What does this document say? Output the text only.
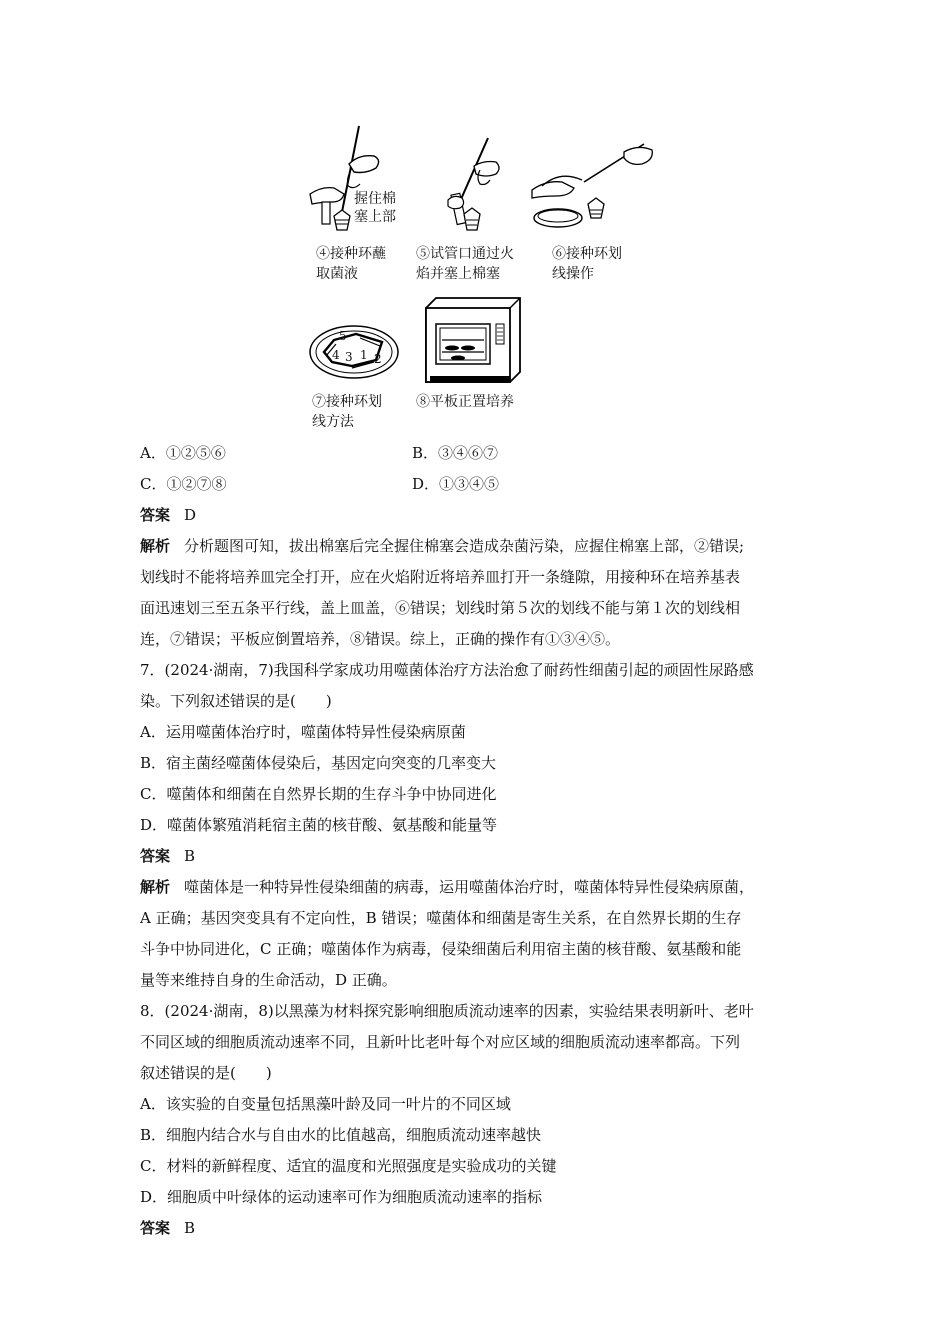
握住棉
塞上部
④接种环蘸
取菌液
⑤试管口通过火
焰并塞上棉塞
⑥接种环划
线操作
5
4 3 1 2
⑦接种环划
线方法
⑧平板正置培养
A．①②⑤⑥	B．③④⑥⑦
C．①②⑦⑧	D．①③④⑤
答案 D
解析 分析题图可知，拔出棉塞后完全握住棉塞会造成杂菌污染，应握住棉塞上部，②错误;
划线时不能将培养皿完全打开，应在火焰附近将培养皿打开一条缝隙，用接种环在培养基表
面迅速划三至五条平行线，盖上皿盖，⑥错误；划线时第５次的划线不能与第１次的划线相
连，⑦错误；平板应倒置培养，⑧错误。综上，正确的操作有①③④⑤。
7．(2024·湖南，7)我国科学家成功用噬菌体治疗方法治愈了耐药性细菌引起的顽固性尿路感
染。下列叙述错误的是(　　)
A．运用噬菌体治疗时，噬菌体特异性侵染病原菌
B．宿主菌经噬菌体侵染后，基因定向突变的几率变大
C．噬菌体和细菌在自然界长期的生存斗争中协同进化
D．噬菌体繁殖消耗宿主菌的核苷酸、氨基酸和能量等
答案 B
解析 噬菌体是一种特异性侵染细菌的病毒，运用噬菌体治疗时，噬菌体特异性侵染病原菌，
A 正确；基因突变具有不定向性，B 错误；噬菌体和细菌是寄生关系，在自然界长期的生存
斗争中协同进化，C 正确；噬菌体作为病毒，侵染细菌后利用宿主菌的核苷酸、氨基酸和能
量等来维持自身的生命活动，D 正确。
8．(2024·湖南，8)以黑藻为材料探究影响细胞质流动速率的因素，实验结果表明新叶、老叶
不同区域的细胞质流动速率不同，且新叶比老叶每个对应区域的细胞质流动速率都高。下列
叙述错误的是(　　)
A．该实验的自变量包括黑藻叶龄及同一叶片的不同区域
B．细胞内结合水与自由水的比值越高，细胞质流动速率越快
C．材料的新鲜程度、适宜的温度和光照强度是实验成功的关键
D．细胞质中叶绿体的运动速率可作为细胞质流动速率的指标
答案 B
